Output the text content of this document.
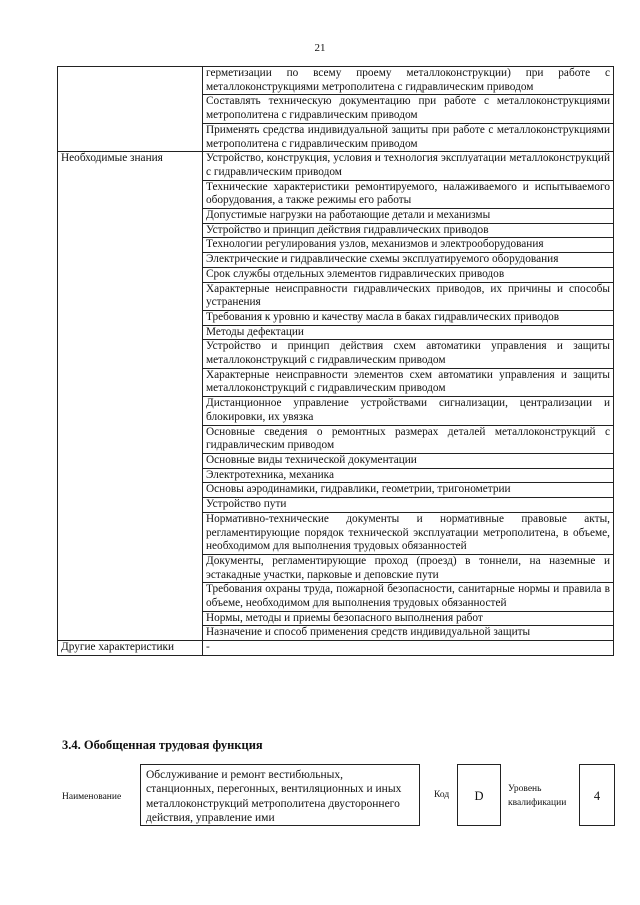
21
	герметизации по всему проему металлоконструкции) при работе с металлоконструкциями метрополитена с гидравлическим приводом
	Составлять техническую документацию при работе с металлоконструкциями метрополитена с гидравлическим приводом
	Применять средства индивидуальной защиты при работе с металлоконструкциями метрополитена с гидравлическим приводом
Необходимые знания	Устройство, конструкция, условия и технология эксплуатации металлоконструкций с гидравлическим приводом
	Технические характеристики ремонтируемого, налаживаемого и испытываемого оборудования, а также режимы его работы
	Допустимые нагрузки на работающие детали и механизмы
	Устройство и принцип действия гидравлических приводов
	Технологии регулирования узлов, механизмов и электрооборудования
	Электрические и гидравлические схемы эксплуатируемого оборудования
	Срок службы отдельных элементов гидравлических приводов
	Характерные неисправности гидравлических приводов, их причины и способы устранения
	Требования к уровню и качеству масла в баках гидравлических приводов
	Методы дефектации
	Устройство и принцип действия схем автоматики управления и защиты металлоконструкций с гидравлическим приводом
	Характерные неисправности элементов схем автоматики управления и защиты металлоконструкций с гидравлическим приводом
	Дистанционное управление устройствами сигнализации, централизации и блокировки, их увязка
	Основные сведения о ремонтных размерах деталей металлоконструкций с гидравлическим приводом
	Основные виды технической документации
	Электротехника, механика
	Основы аэродинамики, гидравлики, геометрии, тригонометрии
	Устройство пути
	Нормативно-технические документы и нормативные правовые акты, регламентирующие порядок технической эксплуатации метрополитена, в объеме, необходимом для выполнения трудовых обязанностей
	Документы, регламентирующие проход (проезд) в тоннели, на наземные и эстакадные участки, парковые и деповские пути
	Требования охраны труда, пожарной безопасности, санитарные нормы и правила в объеме, необходимом для выполнения трудовых обязанностей
	Нормы, методы и приемы безопасного выполнения работ
	Назначение и способ применения средств индивидуальной защиты
Другие характеристики	-
3.4. Обобщенная трудовая функция
Наименование
Обслуживание и ремонт вестибюльных, станционных, перегонных, вентиляционных и иных металлоконструкций метрополитена двустороннего действия, управление ими
Код	D	Уровень квалификации	4
